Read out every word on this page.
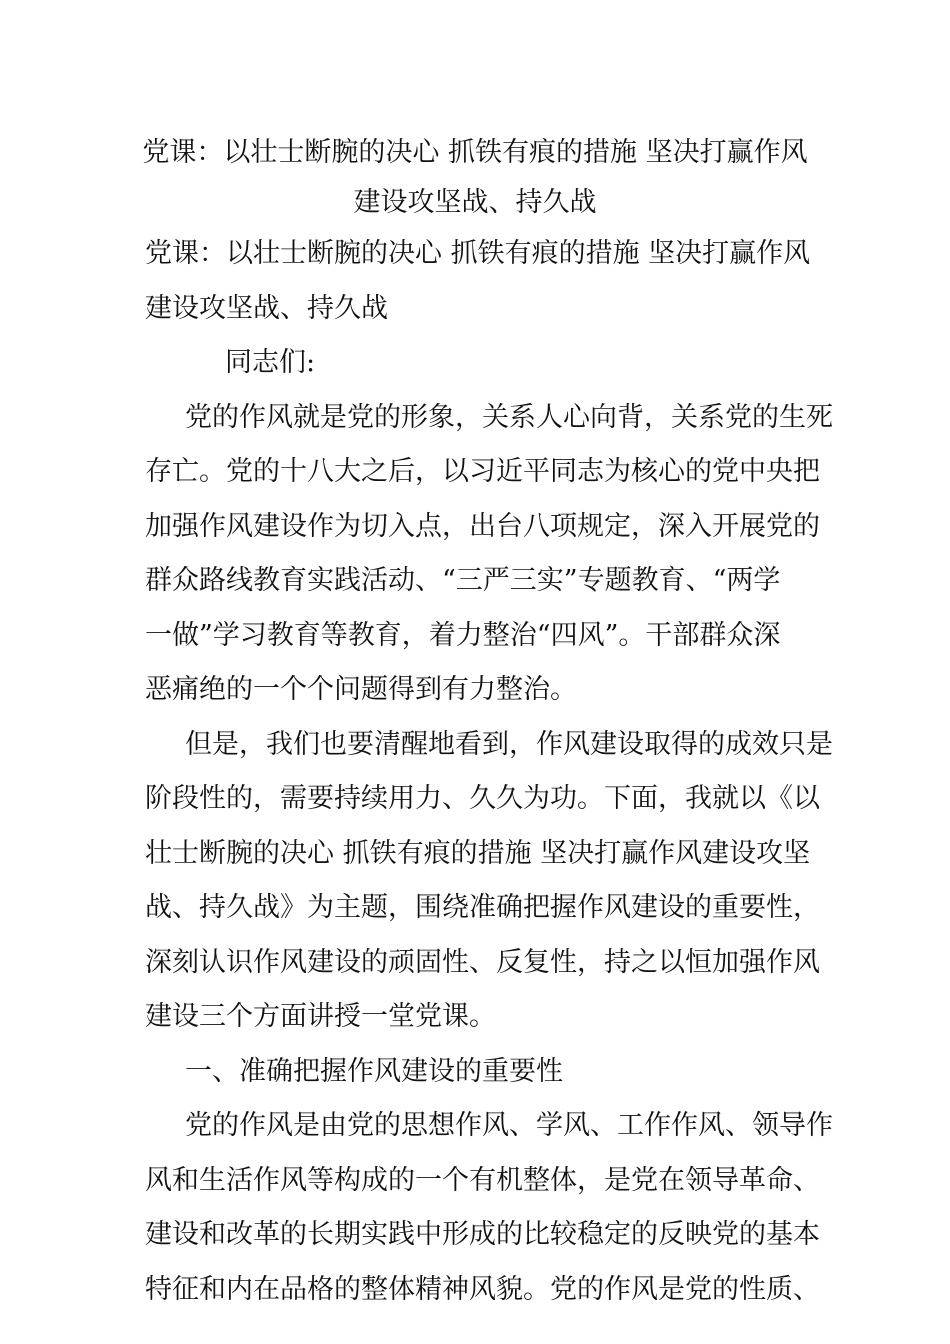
党课：以壮士断腕的决心 抓铁有痕的措施 坚决打赢作风
建设攻坚战、持久战
党课：以壮士断腕的决心 抓铁有痕的措施 坚决打赢作风
建设攻坚战、持久战
同志们:
党的作风就是党的形象，关系人心向背，关系党的生死
存亡。党的十八大之后，以习近平同志为核心的党中央把
加强作风建设作为切入点，出台八项规定，深入开展党的
群众路线教育实践活动、“三严三实”专题教育、“两学
一做”学习教育等教育，着力整治“四风”。干部群众深
恶痛绝的一个个问题得到有力整治。
但是，我们也要清醒地看到，作风建设取得的成效只是
阶段性的，需要持续用力、久久为功。下面，我就以《以
壮士断腕的决心 抓铁有痕的措施 坚决打赢作风建设攻坚
战、持久战》为主题，围绕准确把握作风建设的重要性，
深刻认识作风建设的顽固性、反复性，持之以恒加强作风
建设三个方面讲授一堂党课。
一、准确把握作风建设的重要性
党的作风是由党的思想作风、学风、工作作风、领导作
风和生活作风等构成的一个有机整体，是党在领导革命、
建设和改革的长期实践中形成的比较稳定的反映党的基本
特征和内在品格的整体精神风貌。党的作风是党的性质、
